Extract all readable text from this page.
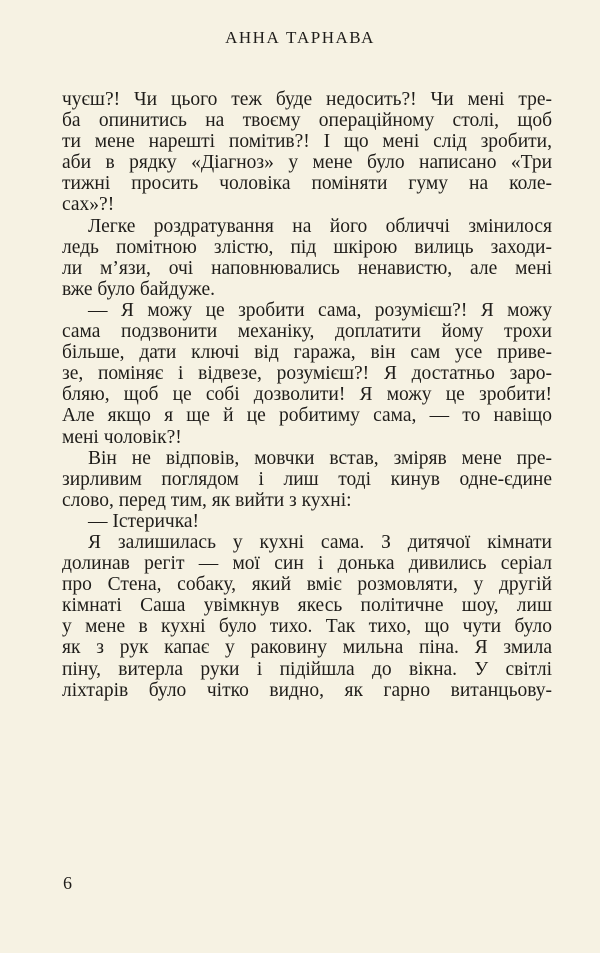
АННА ТАРНАВА
чуєш?! Чи цього теж буде недосить?! Чи мені тре-
ба опинитись на твоєму операційному столі, щоб
ти мене нарешті помітив?! І що мені слід зробити,
аби в рядку «Діагноз» у мене було написано «Три
тижні просить чоловіка поміняти гуму на коле-
сах»?!
Легке роздратування на його обличчі змінилося
ледь помітною злістю, під шкірою вилиць заходи-
ли м’язи, очі наповнювались ненавистю, але мені
вже було байдуже.
— Я можу це зробити сама, розумієш?! Я можу
сама подзвонити механіку, доплатити йому трохи
більше, дати ключі від гаража, він сам усе приве-
зе, поміняє і відвезе, розумієш?! Я достатньо заро-
бляю, щоб це собі дозволити! Я можу це зробити!
Але якщо я ще й це робитиму сама, — то навіщо
мені чоловік?!
Він не відповів, мовчки встав, зміряв мене пре-
зирливим поглядом і лиш тоді кинув одне-єдине
слово, перед тим, як вийти з кухні:
— Істеричка!
Я залишилась у кухні сама. З дитячої кімнати
долинав регіт — мої син і донька дивились серіал
про Стена, собаку, який вміє розмовляти, у другій
кімнаті Саша увімкнув якесь політичне шоу, лиш
у мене в кухні було тихо. Так тихо, що чути було
як з рук капає у раковину мильна піна. Я змила
піну, витерла руки і підійшла до вікна. У світлі
ліхтарів було чітко видно, як гарно витанцьову-
6
